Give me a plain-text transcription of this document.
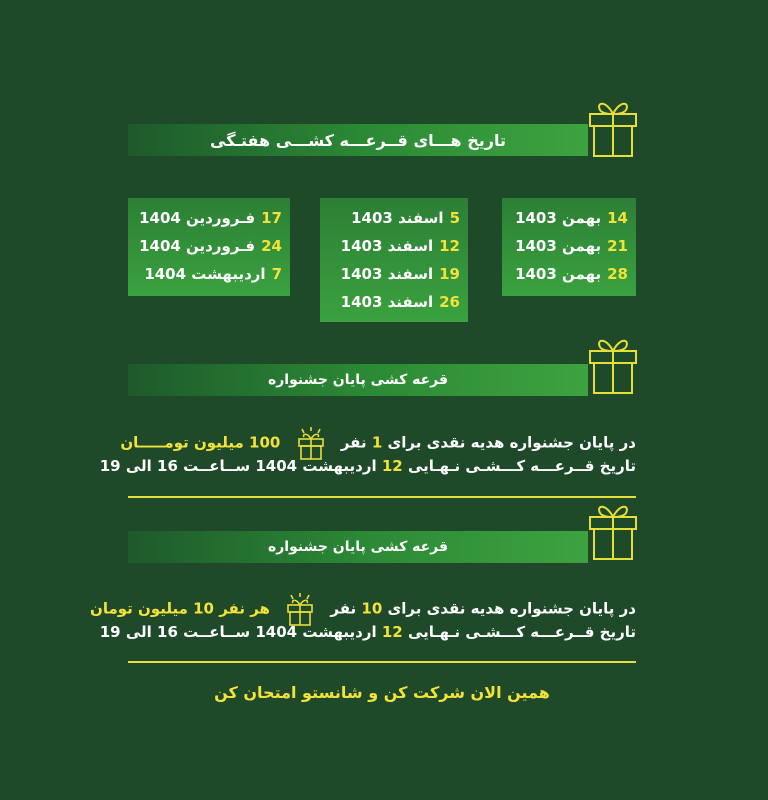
تاریخ هـــای قــرعـــه کشـــی هفتـگی
14بهمن 1403
21بهمن 1403
28بهمن 1403
5اسفند 1403
12اسفند 1403
19اسفند 1403
26اسفند 1403
17فـروردین 1404
24فـروردین 1404
7اردیبهشت 1404
قرعه کشی پایان جشنواره
در پایان جشنواره هدیه نقدی برای 1 نفر  100 میلیون تومـــــان
تاریخ قــرعـــه کـــشـی نـهـایی 12 اردیبهشت 1404 ســاعــت 16 الی 19
قرعه کشی پایان جشنواره
در پایان جشنواره هدیه نقدی برای 10 نفر  هر نفر 10 میلیون تومان
تاریخ قــرعـــه کـــشـی نـهـایی 12 اردیبهشت 1404 ســاعــت 16 الی 19
همین الان شرکت کن و شانستو امتحان کن
